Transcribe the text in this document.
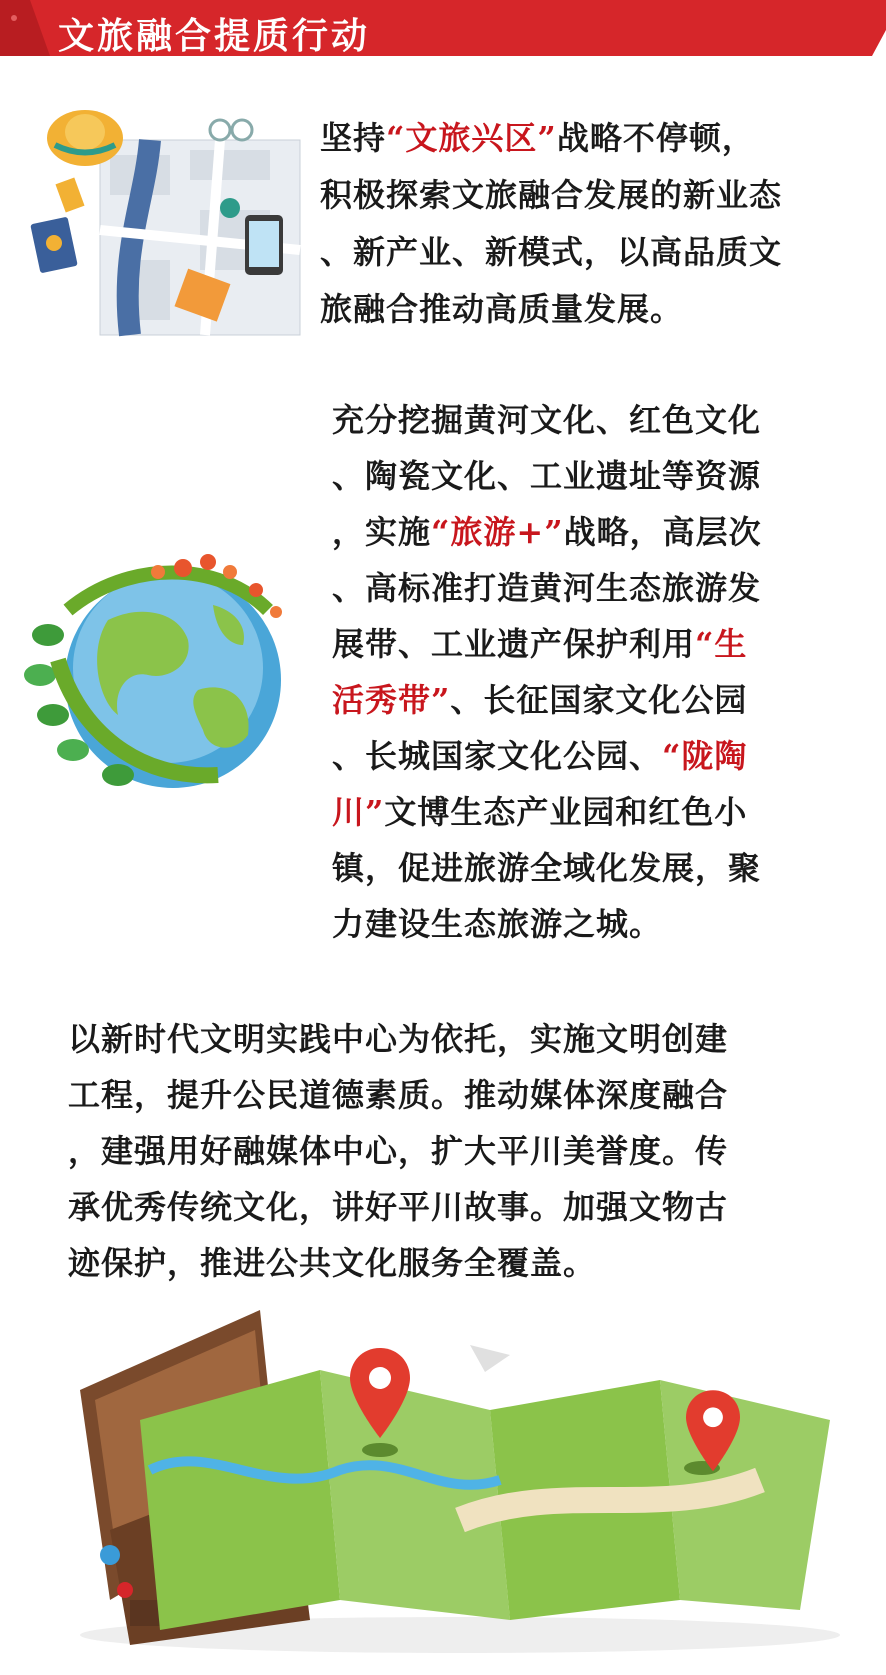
文旅融合提质行动
坚持“文旅兴区”战略不停顿，
积极探索文旅融合发展的新业态
、新产业、新模式，以高品质文
旅融合推动高质量发展。
充分挖掘黄河文化、红色文化
、陶瓷文化、工业遗址等资源
，实施“旅游+”战略，高层次
、高标准打造黄河生态旅游发
展带、工业遗产保护利用“生
活秀带”、长征国家文化公园
、长城国家文化公园、“陇陶
川”文博生态产业园和红色小
镇，促进旅游全域化发展，聚
力建设生态旅游之城。
以新时代文明实践中心为依托，实施文明创建
工程，提升公民道德素质。推动媒体深度融合
，建强用好融媒体中心，扩大平川美誉度。传
承优秀传统文化，讲好平川故事。加强文物古
迹保护，推进公共文化服务全覆盖。
